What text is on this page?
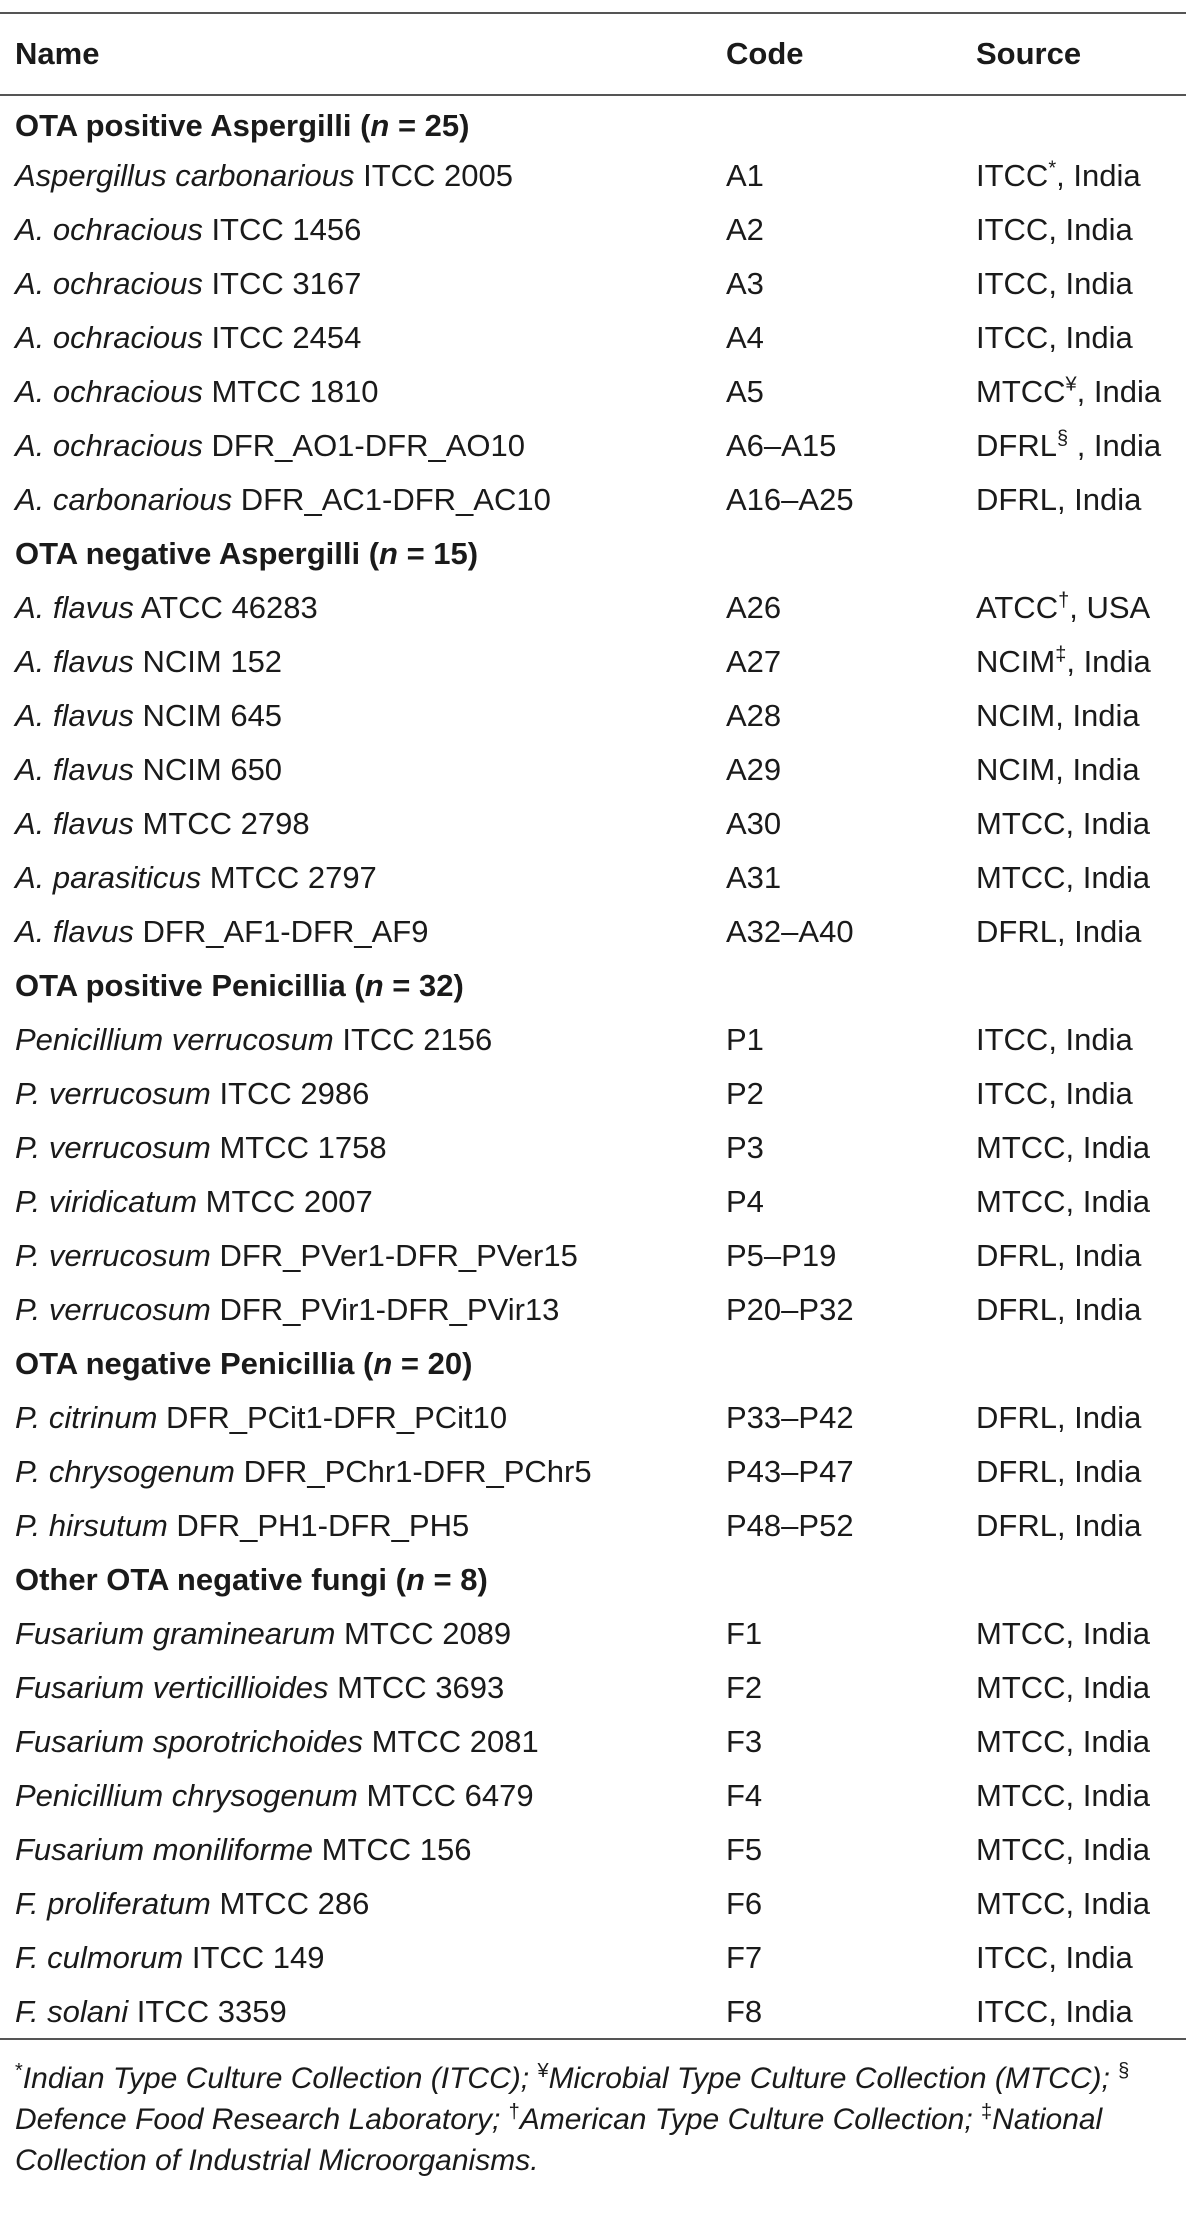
Name	Code	Source
OTA positive Aspergilli (n = 25)		
Aspergillus carbonarious ITCC 2005	A1	ITCC*, India
A. ochracious ITCC 1456	A2	ITCC, India
A. ochracious ITCC 3167	A3	ITCC, India
A. ochracious ITCC 2454	A4	ITCC, India
A. ochracious MTCC 1810	A5	MTCC¥, India
A. ochracious DFR_AO1-DFR_AO10	A6–A15	DFRL§ , India
A. carbonarious DFR_AC1-DFR_AC10	A16–A25	DFRL, India
OTA negative Aspergilli (n = 15)		
A. flavus ATCC 46283	A26	ATCC†, USA
A. flavus NCIM 152	A27	NCIM‡, India
A. flavus NCIM 645	A28	NCIM, India
A. flavus NCIM 650	A29	NCIM, India
A. flavus MTCC 2798	A30	MTCC, India
A. parasiticus MTCC 2797	A31	MTCC, India
A. flavus DFR_AF1-DFR_AF9	A32–A40	DFRL, India
OTA positive Penicillia (n = 32)		
Penicillium verrucosum ITCC 2156	P1	ITCC, India
P. verrucosum ITCC 2986	P2	ITCC, India
P. verrucosum MTCC 1758	P3	MTCC, India
P. viridicatum MTCC 2007	P4	MTCC, India
P. verrucosum DFR_PVer1-DFR_PVer15	P5–P19	DFRL, India
P. verrucosum DFR_PVir1-DFR_PVir13	P20–P32	DFRL, India
OTA negative Penicillia (n = 20)		
P. citrinum DFR_PCit1-DFR_PCit10	P33–P42	DFRL, India
P. chrysogenum DFR_PChr1-DFR_PChr5	P43–P47	DFRL, India
P. hirsutum DFR_PH1-DFR_PH5	P48–P52	DFRL, India
Other OTA negative fungi (n = 8)		
Fusarium graminearum MTCC 2089	F1	MTCC, India
Fusarium verticillioides MTCC 3693	F2	MTCC, India
Fusarium sporotrichoides MTCC 2081	F3	MTCC, India
Penicillium chrysogenum MTCC 6479	F4	MTCC, India
Fusarium moniliforme MTCC 156	F5	MTCC, India
F. proliferatum MTCC 286	F6	MTCC, India
F. culmorum ITCC 149	F7	ITCC, India
F. solani ITCC 3359	F8	ITCC, India
*Indian Type Culture Collection (ITCC); ¥Microbial Type Culture Collection (MTCC); § Defence Food Research Laboratory; †American Type Culture Collection; ‡National Collection of Industrial Microorganisms.
